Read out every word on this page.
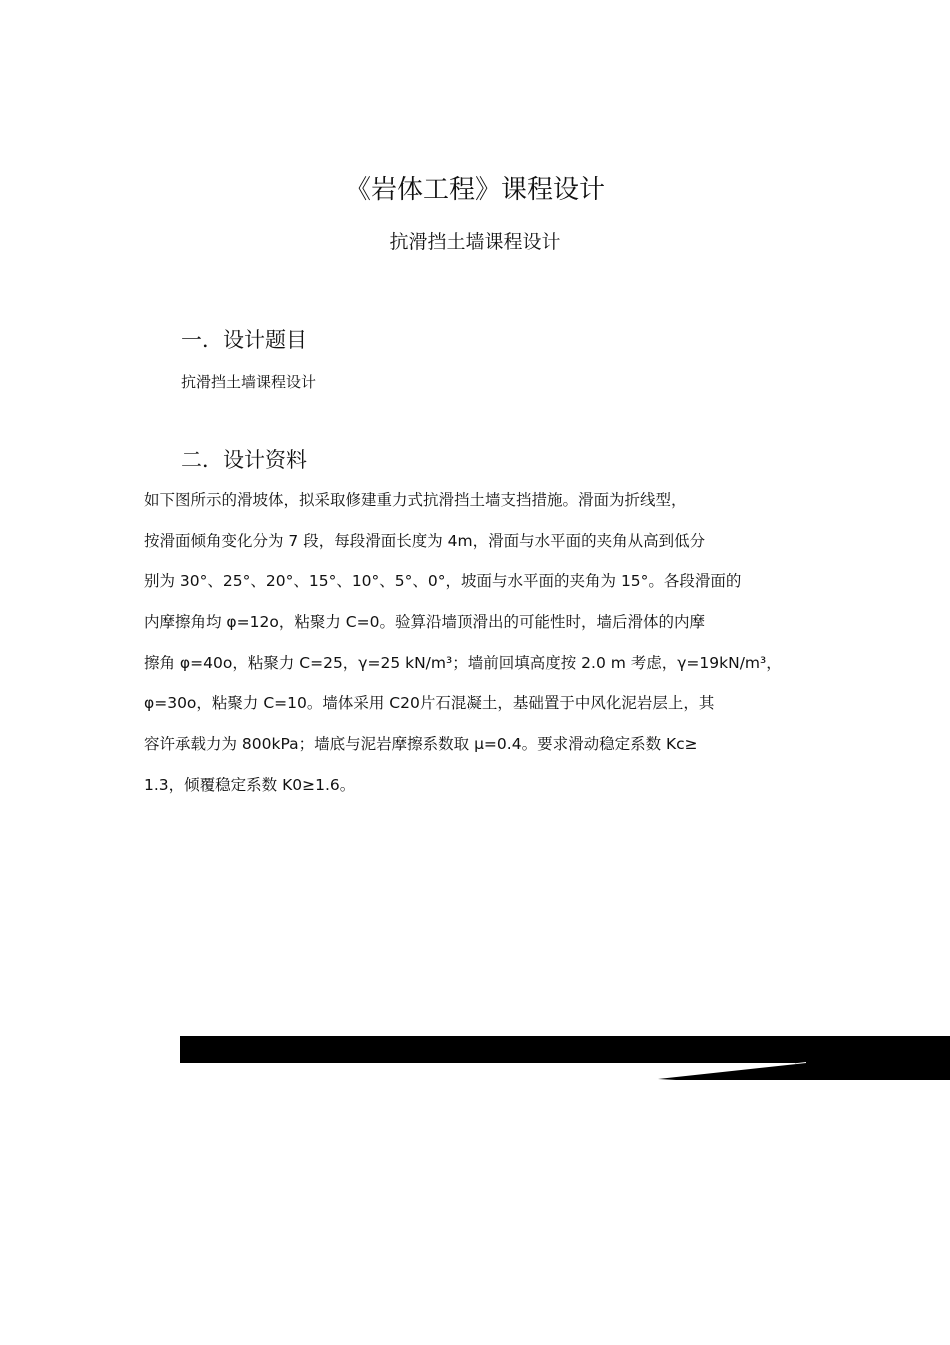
《岩体工程》课程设计
抗滑挡土墙课程设计
一．设计题目
抗滑挡土墙课程设计
二．设计资料
如下图所示的滑坡体，拟采取修建重力式抗滑挡土墙支挡措施。滑面为折线型，
按滑面倾角变化分为 7 段，每段滑面长度为 4m，滑面与水平面的夹角从高到低分
别为 30°、25°、20°、15°、10°、5°、0°，坡面与水平面的夹角为 15°。各段滑面的
内摩擦角均 φ=12o，粘聚力 C=0。验算沿墙顶滑出的可能性时，墙后滑体的内摩
擦角 φ=40o，粘聚力 C=25，γ=25 kN/m³；墙前回填高度按 2.0 m 考虑，γ=19kN/m³，
φ=30o，粘聚力 C=10。墙体采用 C20片石混凝土，基础置于中风化泥岩层上，其
容许承载力为 800kPa；墙底与泥岩摩擦系数取 μ=0.4。要求滑动稳定系数 Kc≥
1.3，倾覆稳定系数 K0≥1.6。
